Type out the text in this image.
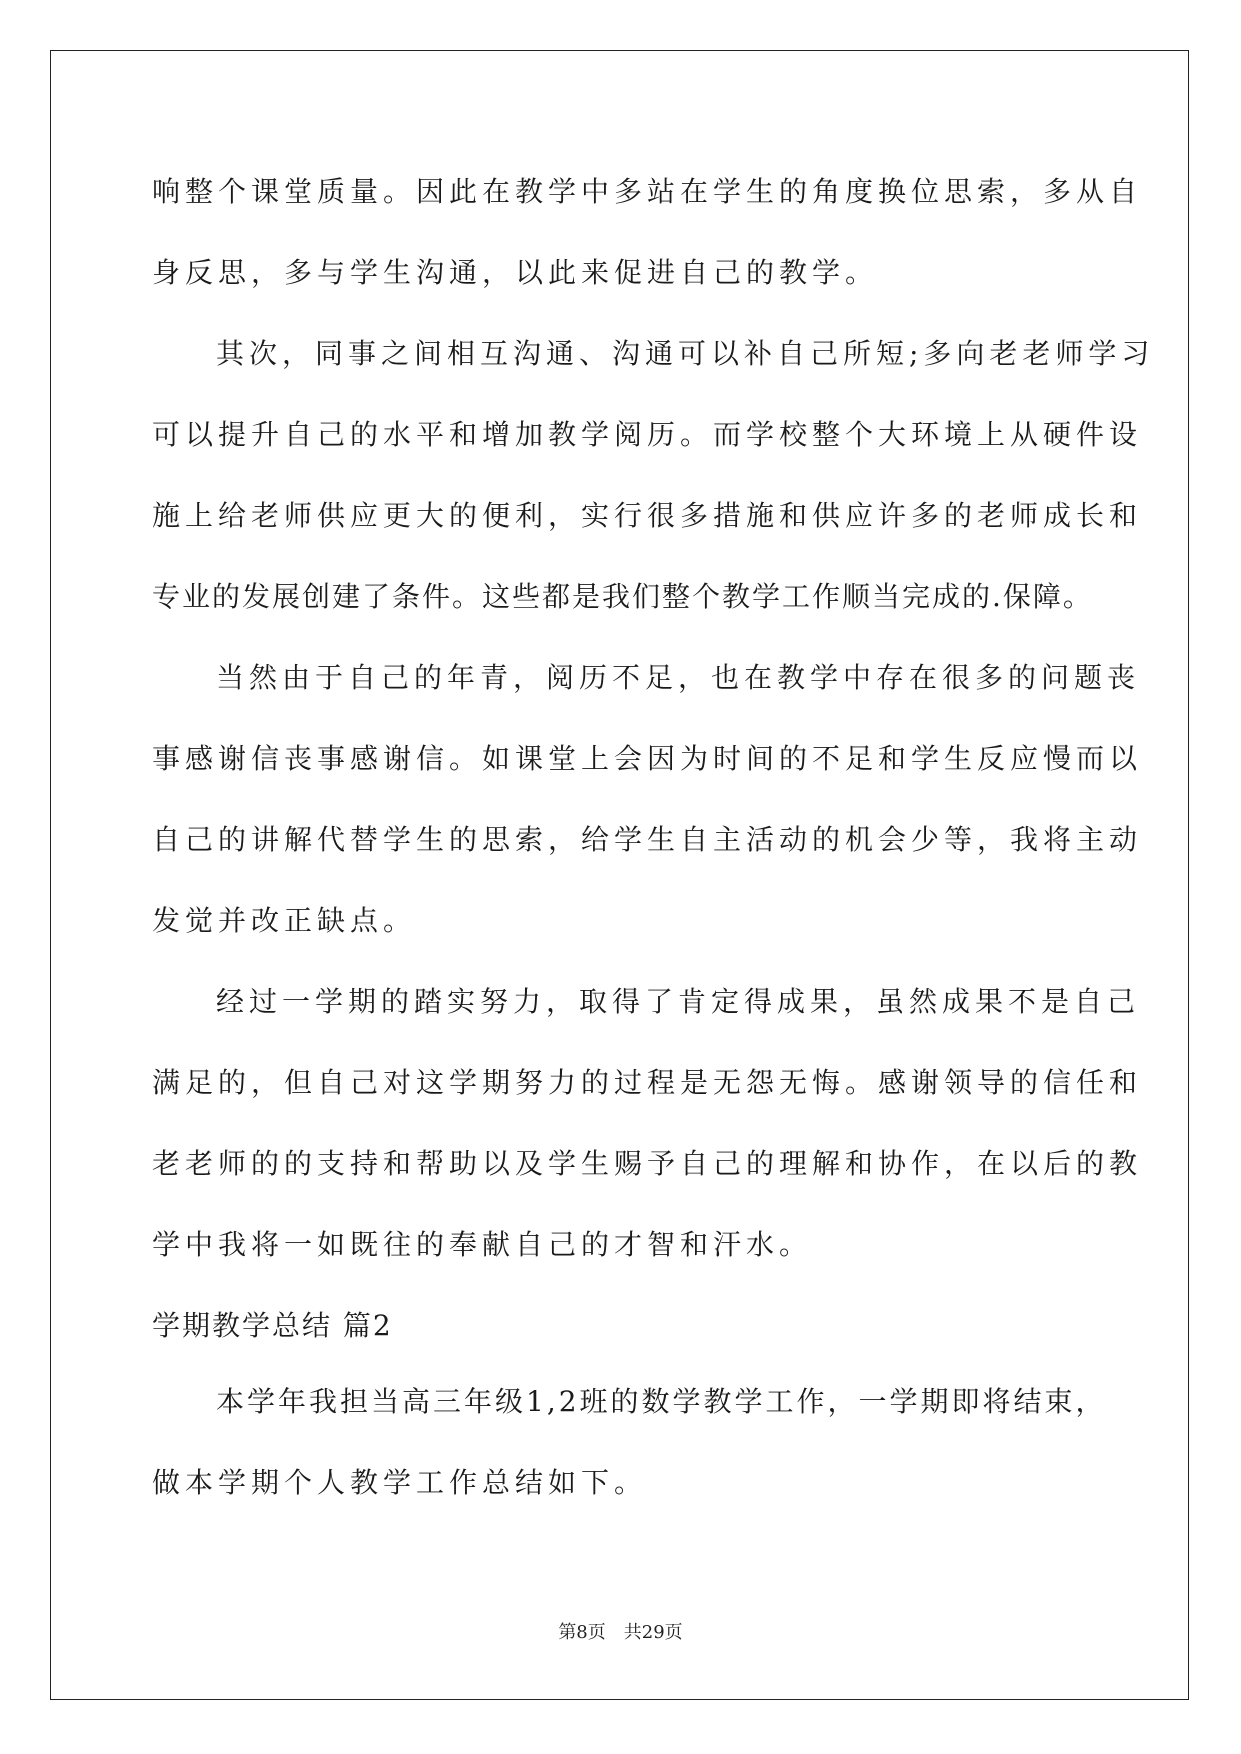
响整个课堂质量。因此在教学中多站在学生的角度换位思索，多从自
身反思，多与学生沟通，以此来促进自己的教学。
其次，同事之间相互沟通、沟通可以补自己所短;多向老老师学习
可以提升自己的水平和增加教学阅历。而学校整个大环境上从硬件设
施上给老师供应更大的便利，实行很多措施和供应许多的老师成长和
专业的发展创建了条件。这些都是我们整个教学工作顺当完成的.保障。
当然由于自己的年青，阅历不足，也在教学中存在很多的问题丧
事感谢信丧事感谢信。如课堂上会因为时间的不足和学生反应慢而以
自己的讲解代替学生的思索，给学生自主活动的机会少等，我将主动
发觉并改正缺点。
经过一学期的踏实努力，取得了肯定得成果，虽然成果不是自己
满足的，但自己对这学期努力的过程是无怨无悔。感谢领导的信任和
老老师的的支持和帮助以及学生赐予自己的理解和协作，在以后的教
学中我将一如既往的奉献自己的才智和汗水。
学期教学总结 篇2
本学年我担当高三年级1,2班的数学教学工作，一学期即将结束，
做本学期个人教学工作总结如下。
第8页 共29页
